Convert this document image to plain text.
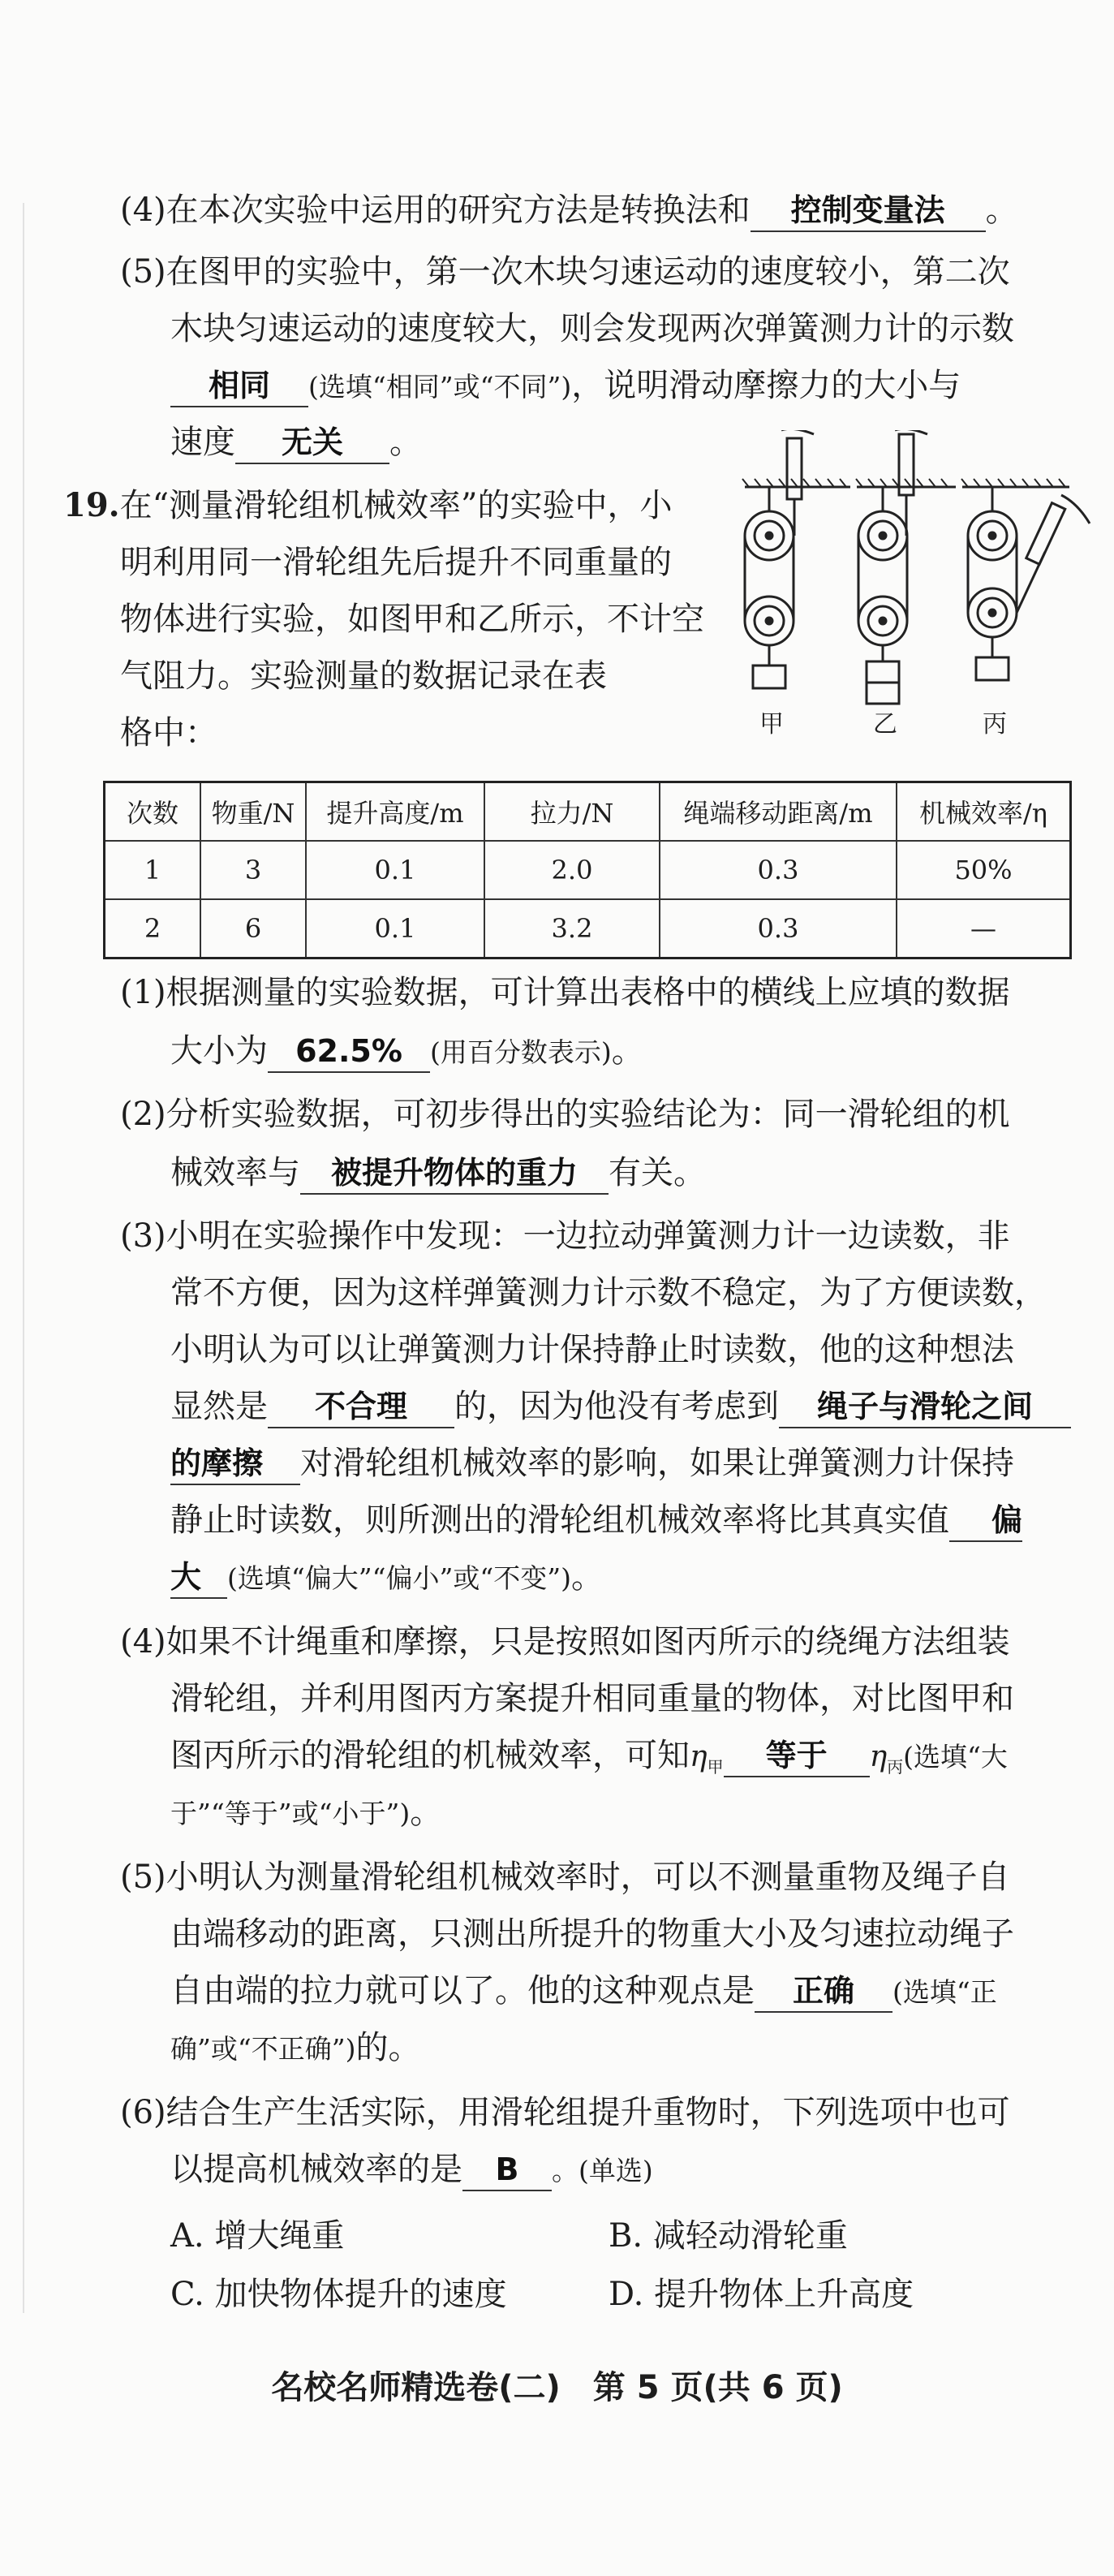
(4)在本次实验中运用的研究方法是转换法和 控制变量法 。
(5)在图甲的实验中，第一次木块匀速运动的速度较小，第二次
木块匀速运动的速度较大，则会发现两次弹簧测力计的示数
相同 (选填“相同”或“不同”)，说明滑动摩擦力的大小与
速度 无关 。
19.在“测量滑轮组机械效率”的实验中，小
明利用同一滑轮组先后提升不同重量的
物体进行实验，如图甲和乙所示，不计空
气阻力。实验测量的数据记录在表
格中：	甲	乙	丙
次数	物重/N	提升高度/m	拉力/N	绳端移动距离/m	机械效率/η
1	3	0.1	2.0	0.3	50%
2	6	0.1	3.2	0.3	—
(1)根据测量的实验数据，可计算出表格中的横线上应填的数据
大小为 62.5% (用百分数表示)。
(2)分析实验数据，可初步得出的实验结论为：同一滑轮组的机
械效率与 被提升物体的重力 有关。
(3)小明在实验操作中发现：一边拉动弹簧测力计一边读数，非
常不方便，因为这样弹簧测力计示数不稳定，为了方便读数，
小明认为可以让弹簧测力计保持静止时读数，他的这种想法
显然是 不合理 的，因为他没有考虑到 绳子与滑轮之间
的摩擦 对滑轮组机械效率的影响，如果让弹簧测力计保持
静止时读数，则所测出的滑轮组机械效率将比其真实值 偏
大 (选填“偏大”“偏小”或“不变”)。
(4)如果不计绳重和摩擦，只是按照如图丙所示的绕绳方法组装
滑轮组，并利用图丙方案提升相同重量的物体，对比图甲和
图丙所示的滑轮组的机械效率，可知$\eta_甲$ 等于 $\eta_丙$(选填“大
于”“等于”或“小于”)。
(5)小明认为测量滑轮组机械效率时，可以不测量重物及绳子自
由端移动的距离，只测出所提升的物重大小及匀速拉动绳子
自由端的拉力就可以了。他的这种观点是 正确 (选填“正
确”或“不正确”)的。
(6)结合生产生活实际，用滑轮组提升重物时，下列选项中也可
以提高机械效率的是 B 。(单选)
A. 增大绳重	B. 减轻动滑轮重
C. 加快物体提升的速度	D. 提升物体上升高度
名校名师精选卷(二)　第 5 页(共 6 页)
